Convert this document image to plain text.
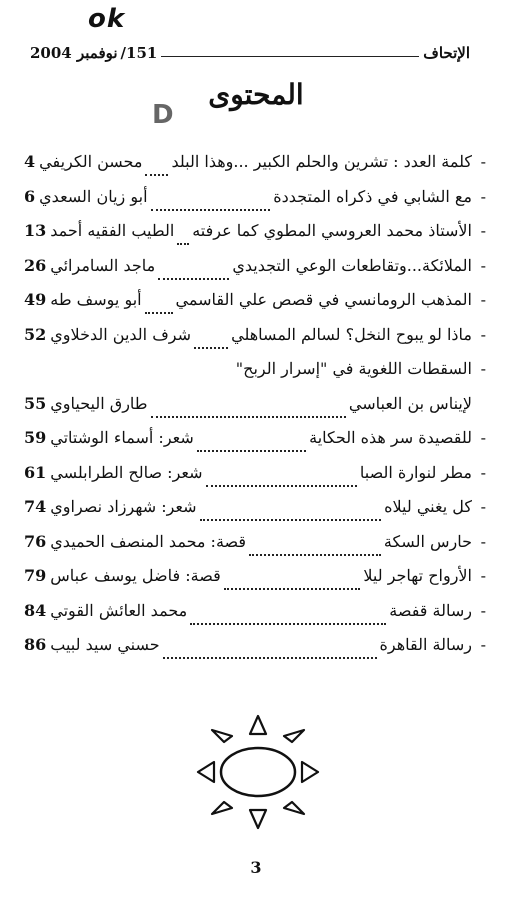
ok
الإتحاف
151/
نوفمبر 2004
المحتوى
D
-
كلمة العدد : تشرين والحلم الكبير ...وهذا البلد
محسن الكريفي
4
-
مع الشابي في ذكراه المتجددة
أبو زيان السعدي
6
-
الأستاذ محمد العروسي المطوي كما عرفته
الطيب الفقيه أحمد
13
-
الملائكة...وتقاطعات الوعي التجديدي
ماجد السامرائي
26
-
المذهب الرومانسي في قصص علي القاسمي
أبو يوسف طه
49
-
ماذا لو يبوح النخل؟ لسالم المساهلي
شرف الدين الدخلاوي
52
-
السقطات اللغوية في "إسرار الربح"
لإيناس بن العباسي
طارق اليحياوي
55
-
للقصيدة سر هذه الحكاية
شعر: أسماء الوشتاتي
59
-
مطر لنوارة الصبا
شعر: صالح الطرابلسي
61
-
كل يغني ليلاه
شعر: شهرزاد نصراوي
74
-
حارس السكة
قصة: محمد المنصف الحميدي
76
-
الأرواح تهاجر ليلا
قصة: فاضل يوسف عباس
79
-
رسالة قفصة
محمد العائش القوتي
84
-
رسالة القاهرة
حسني سيد لبيب
86
3
